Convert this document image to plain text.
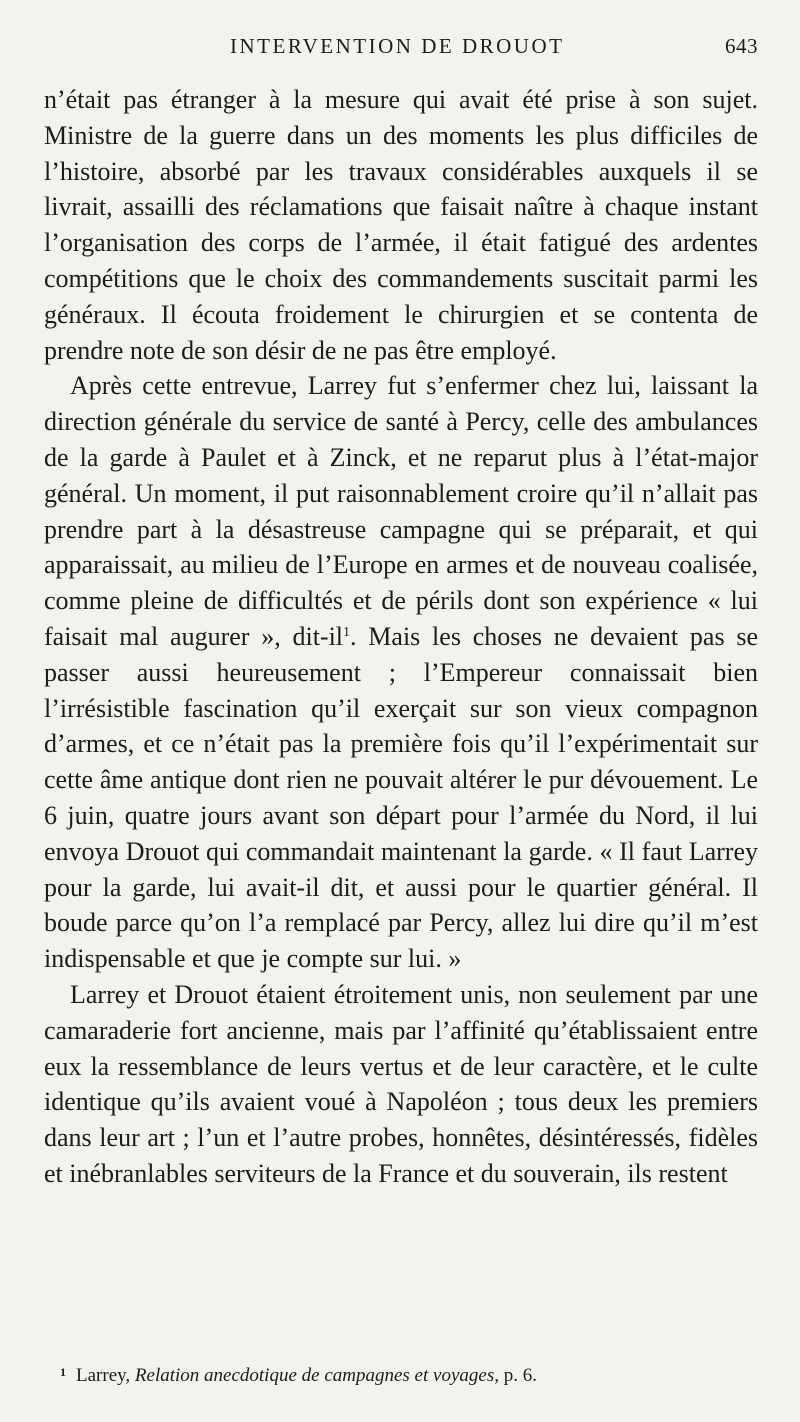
INTERVENTION DE DROUOT	643

n’était pas étranger à la mesure qui avait été prise à son sujet. Ministre de la guerre dans un des moments les plus difficiles de l’histoire, absorbé par les travaux considérables auxquels il se livrait, assailli des réclamations que faisait naître à chaque instant l’organisation des corps de l’armée, il était fatigué des ardentes compétitions que le choix des commandements suscitait parmi les généraux. Il écouta froidement le chirurgien et se contenta de prendre note de son désir de ne pas être employé.

Après cette entrevue, Larrey fut s’enfermer chez lui, laissant la direction générale du service de santé à Percy, celle des ambulances de la garde à Paulet et à Zinck, et ne reparut plus à l’état-major général. Un moment, il put raisonnablement croire qu’il n’allait pas prendre part à la désastreuse campagne qui se préparait, et qui apparaissait, au milieu de l’Europe en armes et de nouveau coalisée, comme pleine de difficultés et de périls dont son expérience « lui faisait mal augurer », dit-il$^1$. Mais les choses ne devaient pas se passer aussi heureusement ; l’Empereur connaissait bien l’irrésistible fascination qu’il exerçait sur son vieux compagnon d’armes, et ce n’était pas la première fois qu’il l’expérimentait sur cette âme antique dont rien ne pouvait altérer le pur dévouement. Le 6 juin, quatre jours avant son départ pour l’armée du Nord, il lui envoya Drouot qui commandait maintenant la garde. « Il faut Larrey pour la garde, lui avait-il dit, et aussi pour le quartier général. Il boude parce qu’on l’a remplacé par Percy, allez lui dire qu’il m’est indispensable et que je compte sur lui. »

Larrey et Drouot étaient étroitement unis, non seulement par une camaraderie fort ancienne, mais par l’affinité qu’établissaient entre eux la ressemblance de leurs vertus et de leur caractère, et le culte identique qu’ils avaient voué à Napoléon ; tous deux les premiers dans leur art ; l’un et l’autre probes, honnêtes, désintéressés, fidèles et inébranlables serviteurs de la France et du souverain, ils restent

$^1$ Larrey, Relation anecdotique de campagnes et voyages, p. 6.
